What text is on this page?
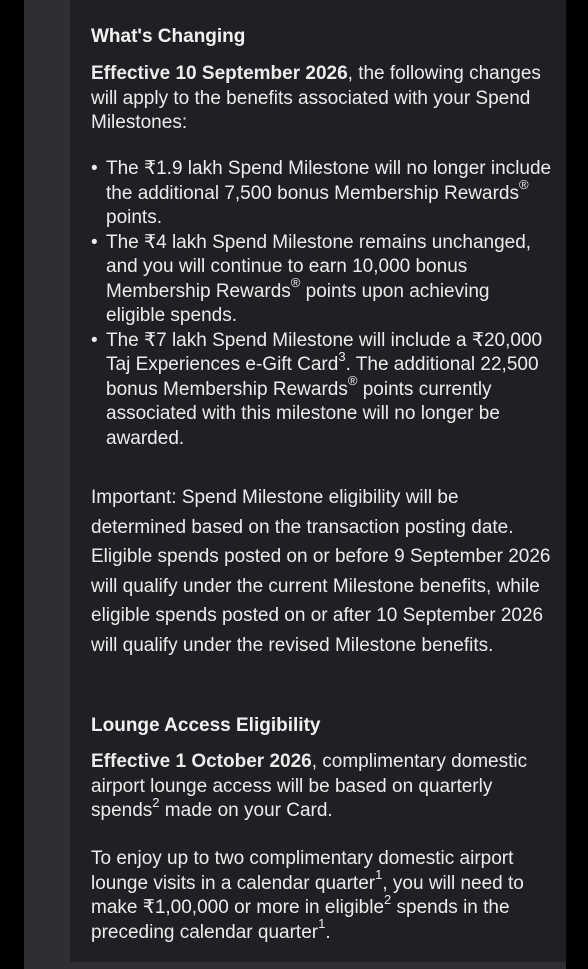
What's Changing

Effective 10 September 2026, the following changes will apply to the benefits associated with your Spend Milestones:

• The ₹1.9 lakh Spend Milestone will no longer include the additional 7,500 bonus Membership Rewards® points.
• The ₹4 lakh Spend Milestone remains unchanged, and you will continue to earn 10,000 bonus Membership Rewards® points upon achieving eligible spends.
• The ₹7 lakh Spend Milestone will include a ₹20,000 Taj Experiences e-Gift Card$^3$. The additional 22,500 bonus Membership Rewards® points currently associated with this milestone will no longer be awarded.

Important: Spend Milestone eligibility will be determined based on the transaction posting date. Eligible spends posted on or before 9 September 2026 will qualify under the current Milestone benefits, while eligible spends posted on or after 10 September 2026 will qualify under the revised Milestone benefits.

Lounge Access Eligibility

Effective 1 October 2026, complimentary domestic airport lounge access will be based on quarterly spends$^2$ made on your Card.

To enjoy up to two complimentary domestic airport lounge visits in a calendar quarter$^1$, you will need to make ₹1,00,000 or more in eligible$^2$ spends in the preceding calendar quarter$^1$.
